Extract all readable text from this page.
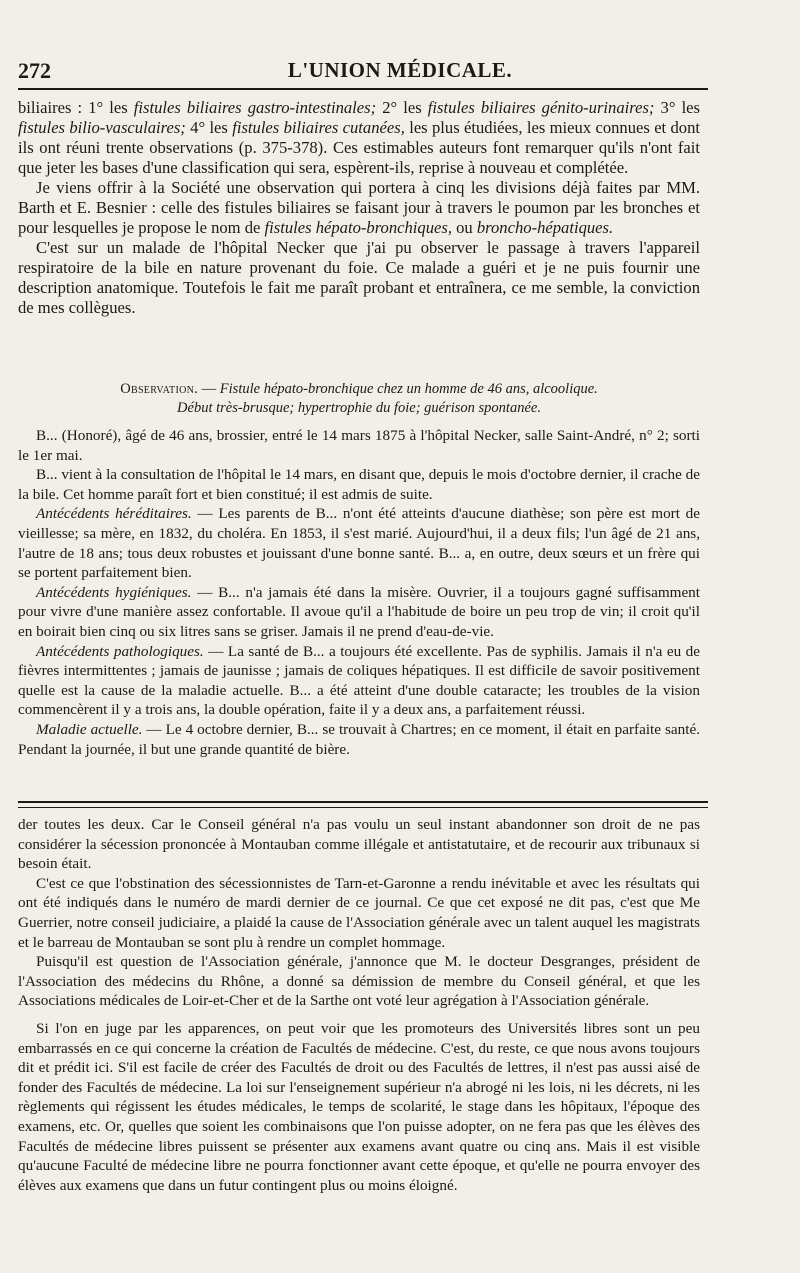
272	L'UNION MÉDICALE.

biliaires : 1° les fistules biliaires gastro-intestinales; 2° les fistules biliaires génito-urinaires; 3° les fistules bilio-vasculaires; 4° les fistules biliaires cutanées, les plus étudiées, les mieux connues et dont ils ont réuni trente observations (p. 375-378). Ces estimables auteurs font remarquer qu'ils n'ont fait que jeter les bases d'une classification qui sera, espèrent-ils, reprise à nouveau et complétée.

Je viens offrir à la Société une observation qui portera à cinq les divisions déjà faites par MM. Barth et E. Besnier : celle des fistules biliaires se faisant jour à travers le poumon par les bronches et pour lesquelles je propose le nom de fistules hépato-bronchiques, ou broncho-hépatiques.

C'est sur un malade de l'hôpital Necker que j'ai pu observer le passage à travers l'appareil respiratoire de la bile en nature provenant du foie. Ce malade a guéri et je ne puis fournir une description anatomique. Toutefois le fait me paraît probant et entraînera, ce me semble, la conviction de mes collègues.

Observation. — Fistule hépato-bronchique chez un homme de 46 ans, alcoolique.
Début très-brusque; hypertrophie du foie; guérison spontanée.

B... (Honoré), âgé de 46 ans, brossier, entré le 14 mars 1875 à l'hôpital Necker, salle Saint-André, n° 2; sorti le 1er mai.

B... vient à la consultation de l'hôpital le 14 mars, en disant que, depuis le mois d'octobre dernier, il crache de la bile. Cet homme paraît fort et bien constitué; il est admis de suite.

Antécédents héréditaires. — Les parents de B... n'ont été atteints d'aucune diathèse; son père est mort de vieillesse; sa mère, en 1832, du choléra. En 1853, il s'est marié. Aujourd'hui, il a deux fils; l'un âgé de 21 ans, l'autre de 18 ans; tous deux robustes et jouissant d'une bonne santé. B... a, en outre, deux sœurs et un frère qui se portent parfaitement bien.

Antécédents hygiéniques. — B... n'a jamais été dans la misère. Ouvrier, il a toujours gagné suffisamment pour vivre d'une manière assez confortable. Il avoue qu'il a l'habitude de boire un peu trop de vin; il croit qu'il en boirait bien cinq ou six litres sans se griser. Jamais il ne prend d'eau-de-vie.

Antécédents pathologiques. — La santé de B... a toujours été excellente. Pas de syphilis. Jamais il n'a eu de fièvres intermittentes ; jamais de jaunisse ; jamais de coliques hépatiques. Il est difficile de savoir positivement quelle est la cause de la maladie actuelle. B... a été atteint d'une double cataracte; les troubles de la vision commencèrent il y a trois ans, la double opération, faite il y a deux ans, a parfaitement réussi.

Maladie actuelle. — Le 4 octobre dernier, B... se trouvait à Chartres; en ce moment, il était en parfaite santé. Pendant la journée, il but une grande quantité de bière.

der toutes les deux. Car le Conseil général n'a pas voulu un seul instant abandonner son droit de ne pas considérer la sécession prononcée à Montauban comme illégale et antistatutaire, et de recourir aux tribunaux si besoin était.

C'est ce que l'obstination des sécessionnistes de Tarn-et-Garonne a rendu inévitable et avec les résultats qui ont été indiqués dans le numéro de mardi dernier de ce journal. Ce que cet exposé ne dit pas, c'est que Me Guerrier, notre conseil judiciaire, a plaidé la cause de l'Association générale avec un talent auquel les magistrats et le barreau de Montauban se sont plu à rendre un complet hommage.

Puisqu'il est question de l'Association générale, j'annonce que M. le docteur Desgranges, président de l'Association des médecins du Rhône, a donné sa démission de membre du Conseil général, et que les Associations médicales de Loir-et-Cher et de la Sarthe ont voté leur agrégation à l'Association générale.

Si l'on en juge par les apparences, on peut voir que les promoteurs des Universités libres sont un peu embarrassés en ce qui concerne la création de Facultés de médecine. C'est, du reste, ce que nous avons toujours dit et prédit ici. S'il est facile de créer des Facultés de droit ou des Facultés de lettres, il n'est pas aussi aisé de fonder des Facultés de médecine. La loi sur l'enseignement supérieur n'a abrogé ni les lois, ni les décrets, ni les règlements qui régissent les études médicales, le temps de scolarité, le stage dans les hôpitaux, l'époque des examens, etc. Or, quelles que soient les combinaisons que l'on puisse adopter, on ne fera pas que les élèves des Facultés de médecine libres puissent se présenter aux examens avant quatre ou cinq ans. Mais il est visible qu'aucune Faculté de médecine libre ne pourra fonctionner avant cette époque, et qu'elle ne pourra envoyer des élèves aux examens que dans un futur contingent plus ou moins éloigné.
